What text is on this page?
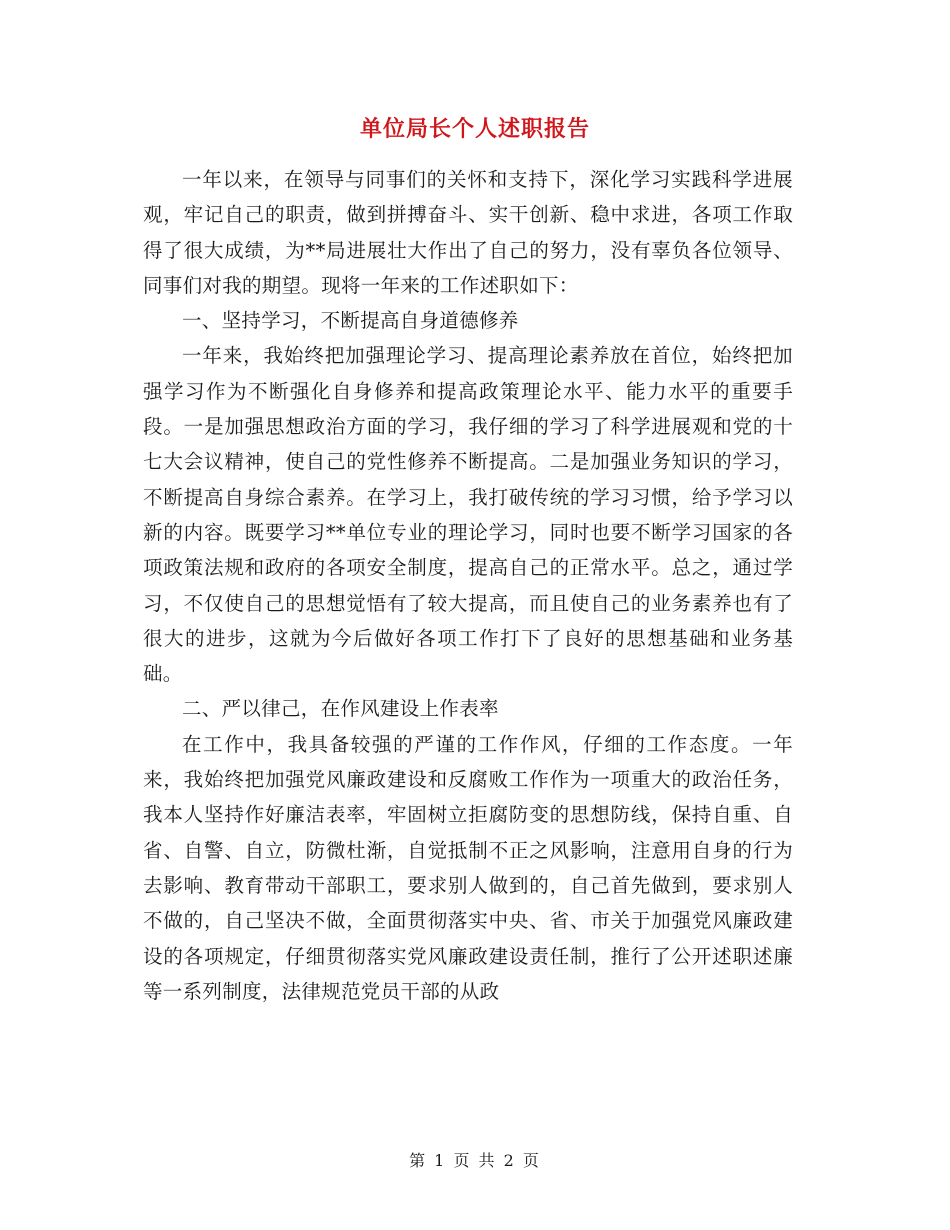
单位局长个人述职报告

一年以来，在领导与同事们的关怀和支持下，深化学习实践科学进展观，牢记自己的职责，做到拼搏奋斗、实干创新、稳中求进，各项工作取得了很大成绩，为**局进展壮大作出了自己的努力，没有辜负各位领导、同事们对我的期望。现将一年来的工作述职如下：

一、坚持学习，不断提高自身道德修养

一年来，我始终把加强理论学习、提高理论素养放在首位，始终把加强学习作为不断强化自身修养和提高政策理论水平、能力水平的重要手段。一是加强思想政治方面的学习，我仔细的学习了科学进展观和党的十七大会议精神，使自己的党性修养不断提高。二是加强业务知识的学习，不断提高自身综合素养。在学习上，我打破传统的学习习惯，给予学习以新的内容。既要学习**单位专业的理论学习，同时也要不断学习国家的各项政策法规和政府的各项安全制度，提高自己的正常水平。总之，通过学习，不仅使自己的思想觉悟有了较大提高，而且使自己的业务素养也有了很大的进步，这就为今后做好各项工作打下了良好的思想基础和业务基础。

二、严以律己，在作风建设上作表率

在工作中，我具备较强的严谨的工作作风，仔细的工作态度。一年来，我始终把加强党风廉政建设和反腐败工作作为一项重大的政治任务，我本人坚持作好廉洁表率，牢固树立拒腐防变的思想防线，保持自重、自省、自警、自立，防微杜渐，自觉抵制不正之风影响，注意用自身的行为去影响、教育带动干部职工，要求别人做到的，自己首先做到，要求别人不做的，自己坚决不做，全面贯彻落实中央、省、市关于加强党风廉政建设的各项规定，仔细贯彻落实党风廉政建设责任制，推行了公开述职述廉等一系列制度，法律规范党员干部的从政

第 1 页 共 2 页
